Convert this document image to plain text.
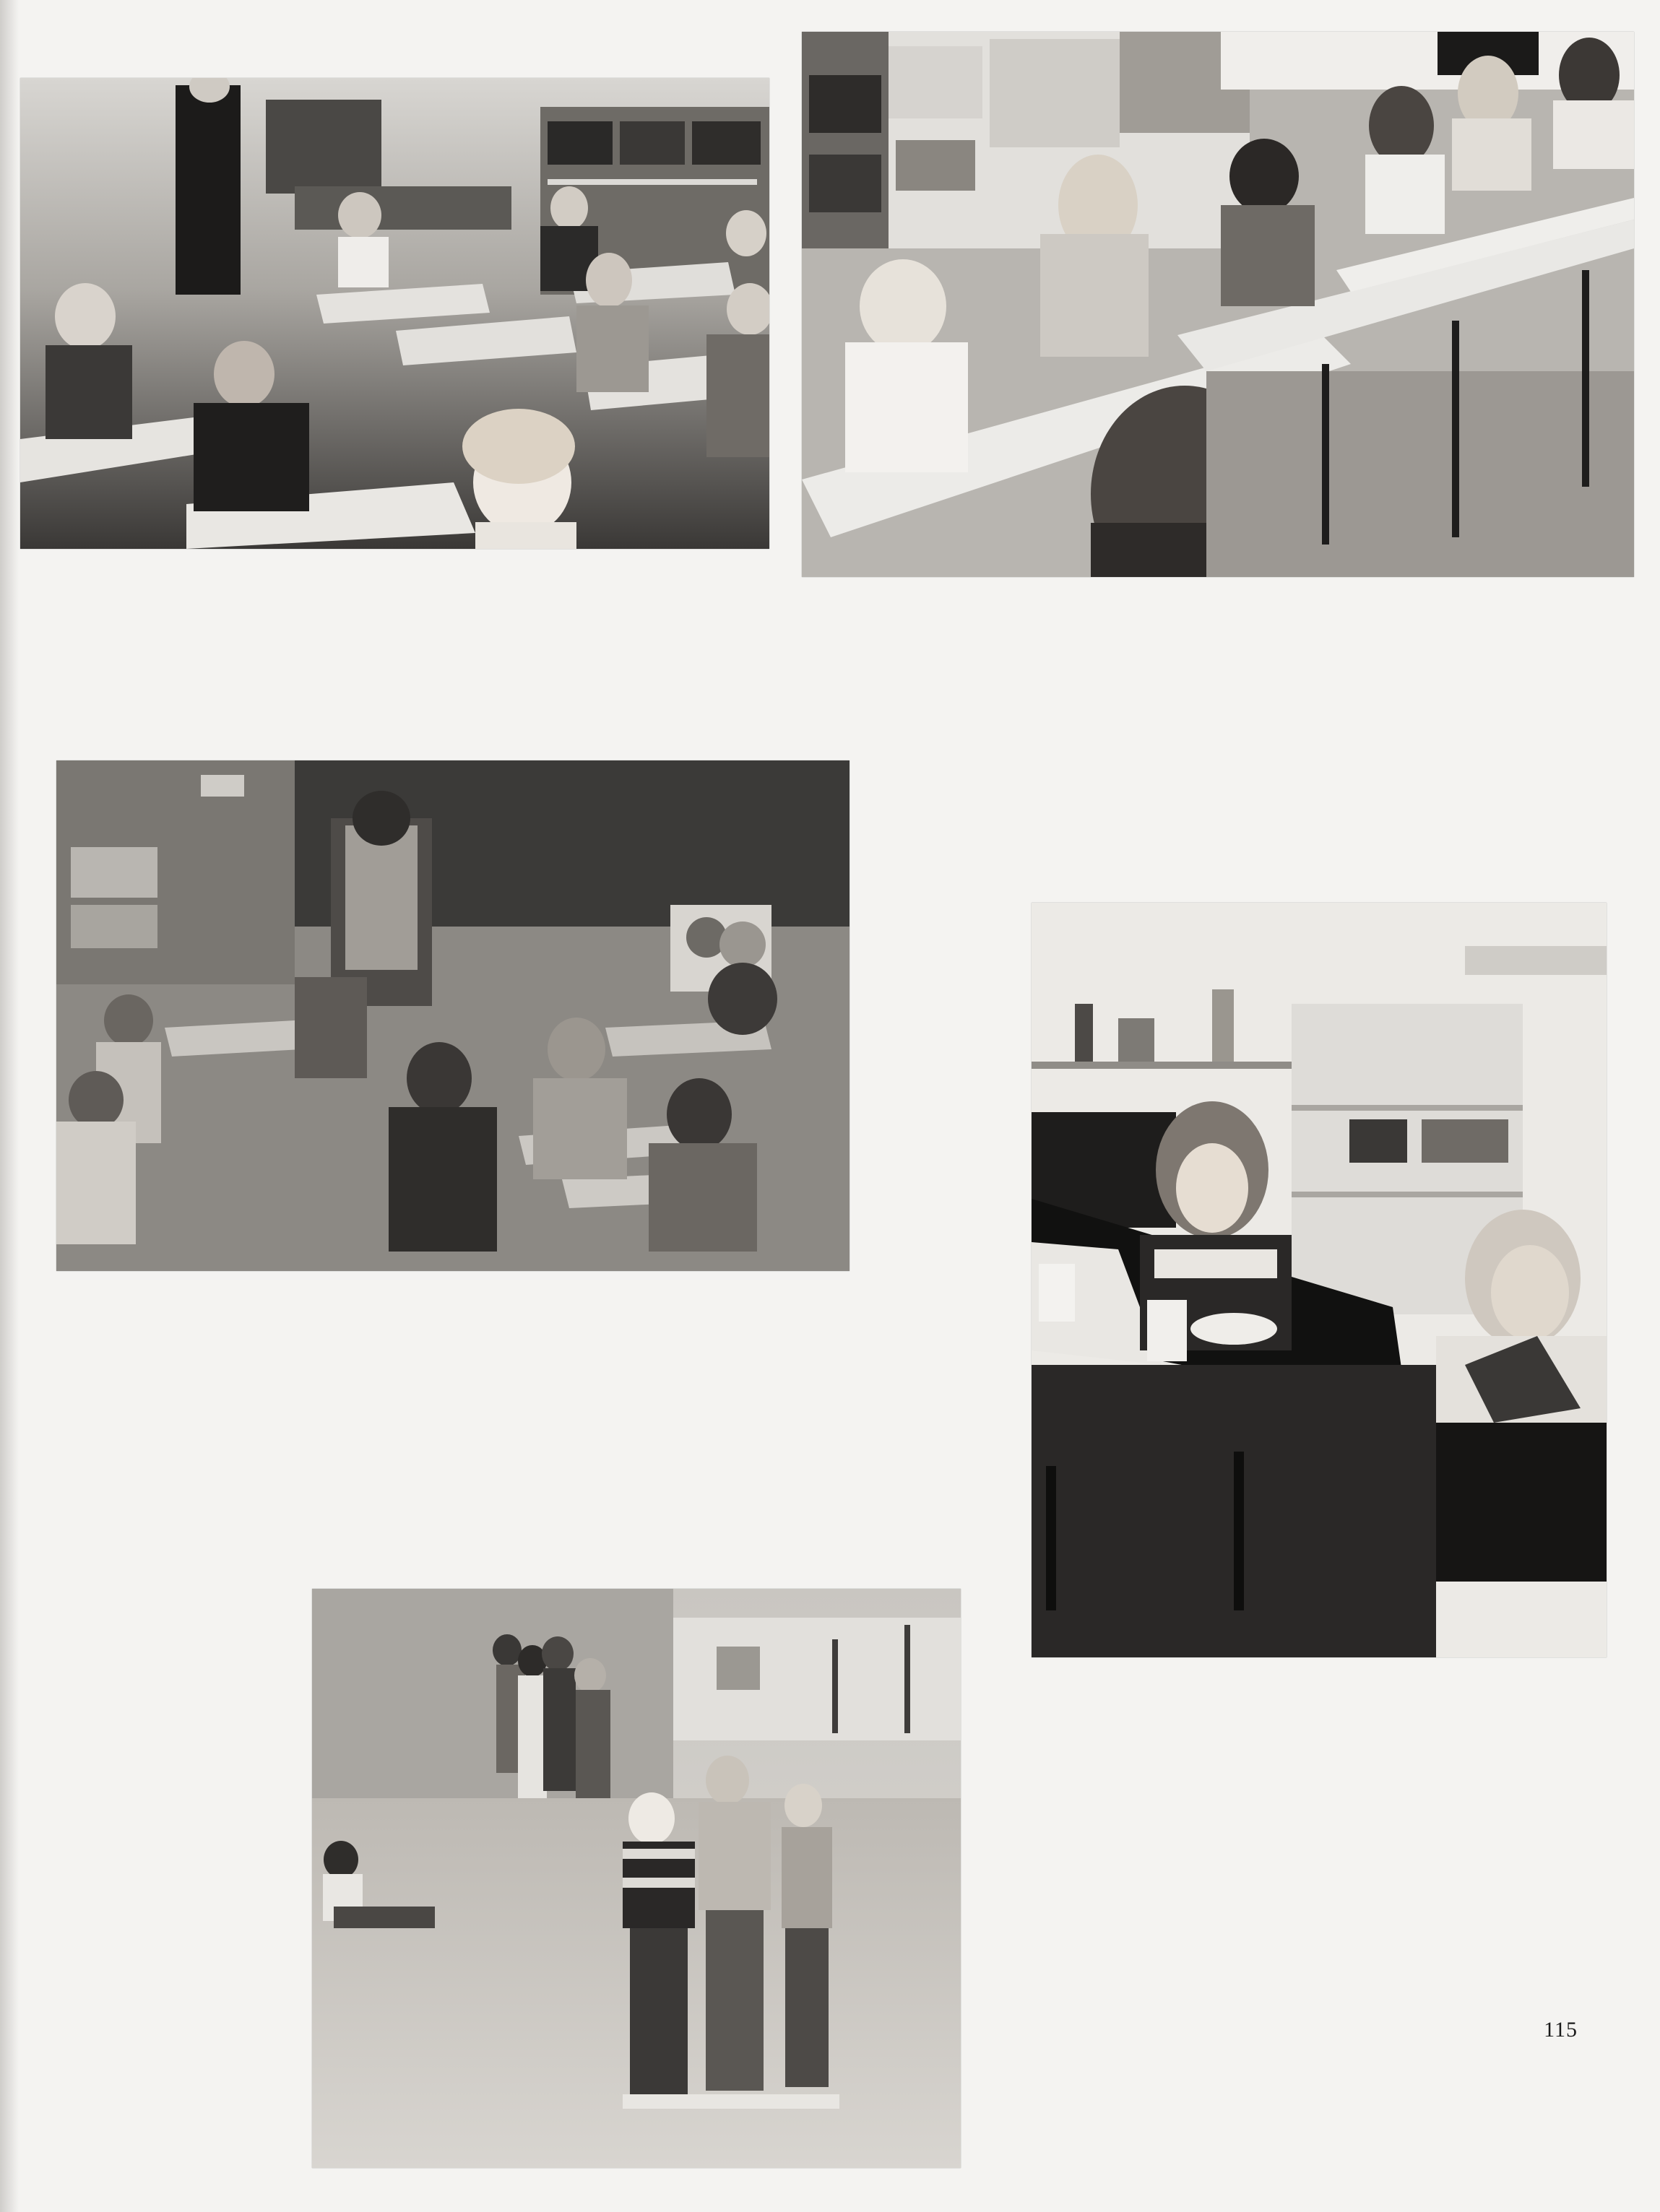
115
